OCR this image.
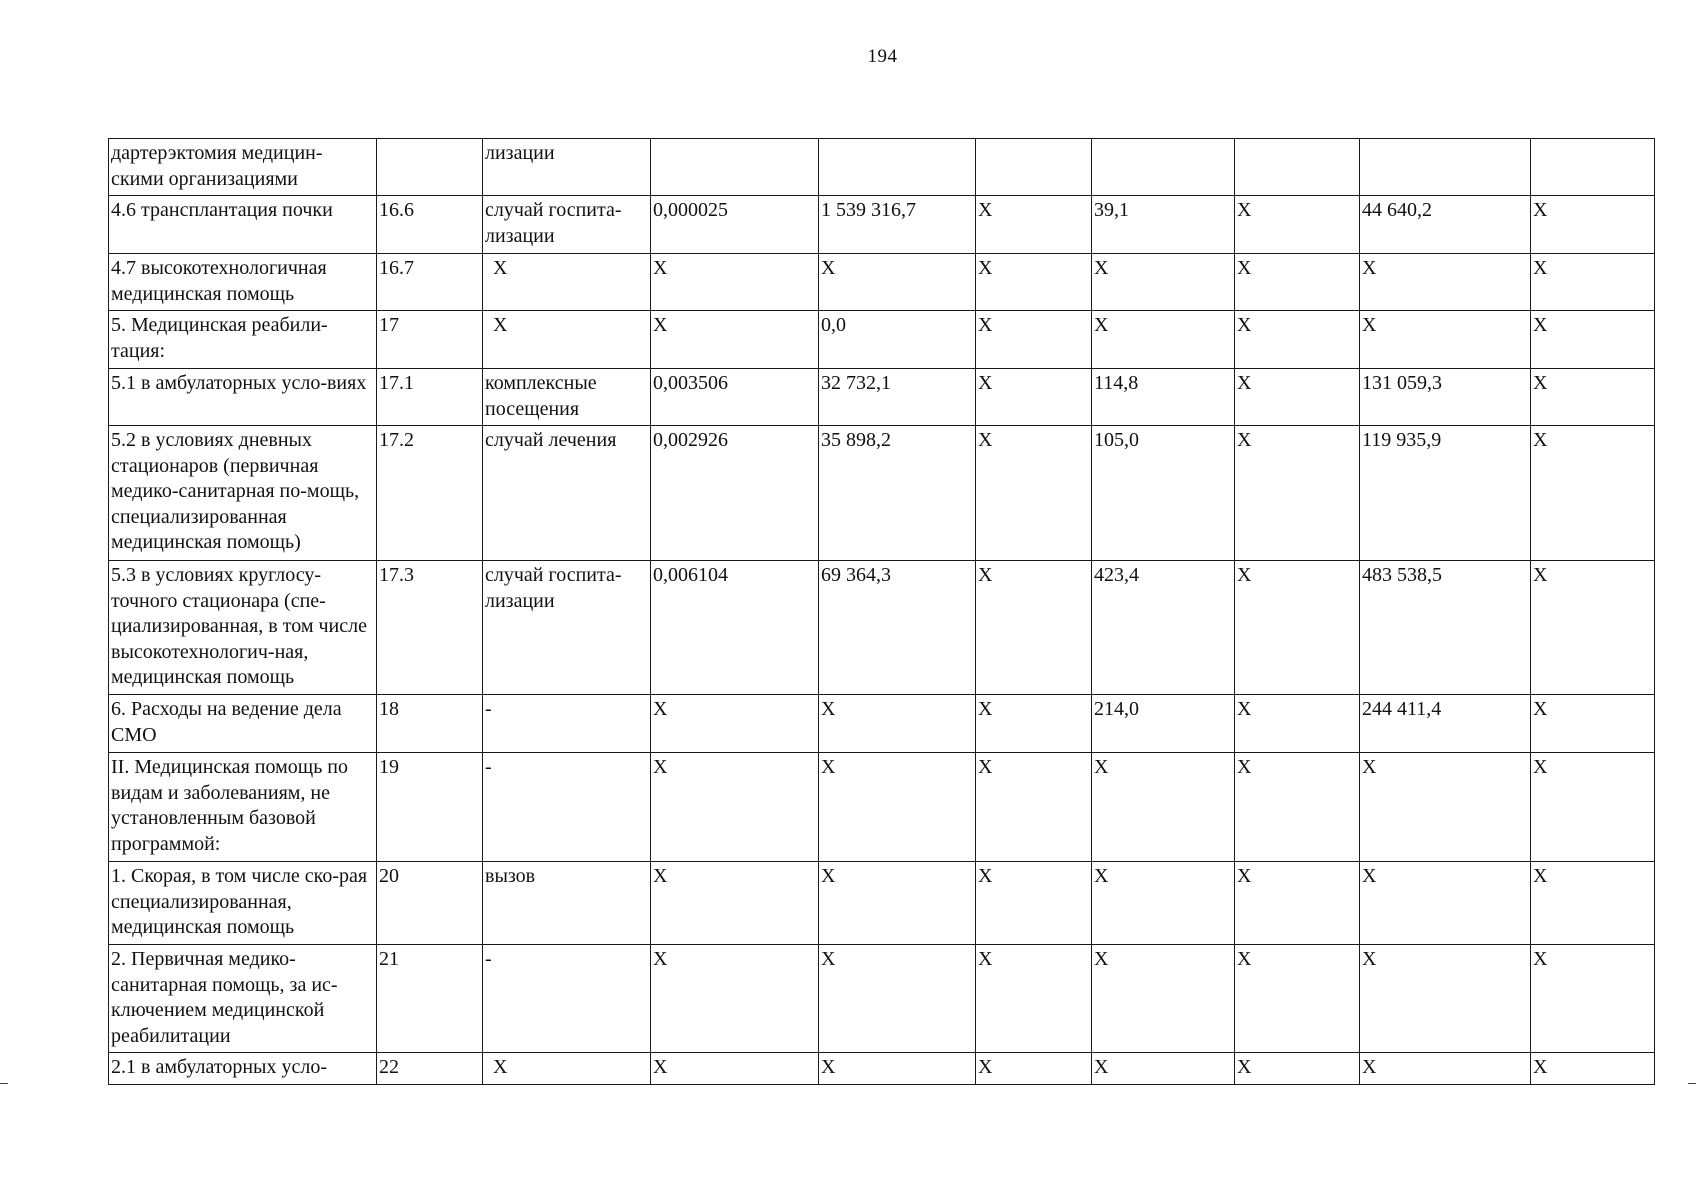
194
дартерэктомия медицин-скими организациями		лизации							
4.6 трансплантация почки	16.6	случай госпита-лизации	0,000025	1 539 316,7	X	39,1	X	44 640,2	X
4.7 высокотехнологичная медицинская помощь	16.7	X	X	X	X	X	X	X	X
5. Медицинская реабили-тация:	17	X	X	0,0	X	X	X	X	X
5.1 в амбулаторных усло-виях	17.1	комплексные посещения	0,003506	32 732,1	X	114,8	X	131 059,3	X
5.2 в условиях дневных стационаров (первичная медико-санитарная по-мощь, специализированная медицинская помощь)	17.2	случай лечения	0,002926	35 898,2	X	105,0	X	119 935,9	X
5.3 в условиях круглосу-точного стационара (спе-циализированная, в том числе высокотехнологич-ная, медицинская помощь	17.3	случай госпита-лизации	0,006104	69 364,3	X	423,4	X	483 538,5	X
6. Расходы на ведение дела СМО	18	-	X	X	X	214,0	X	244 411,4	X
II. Медицинская помощь по видам и заболеваниям, не установленным базовой программой:	19	-	X	X	X	X	X	X	X
1. Скорая, в том числе ско-рая специализированная, медицинская помощь	20	вызов	X	X	X	X	X	X	X
2. Первичная медико-санитарная помощь, за ис-ключением медицинской реабилитации	21	-	X	X	X	X	X	X	X
2.1 в амбулаторных усло-	22	X	X	X	X	X	X	X	X
